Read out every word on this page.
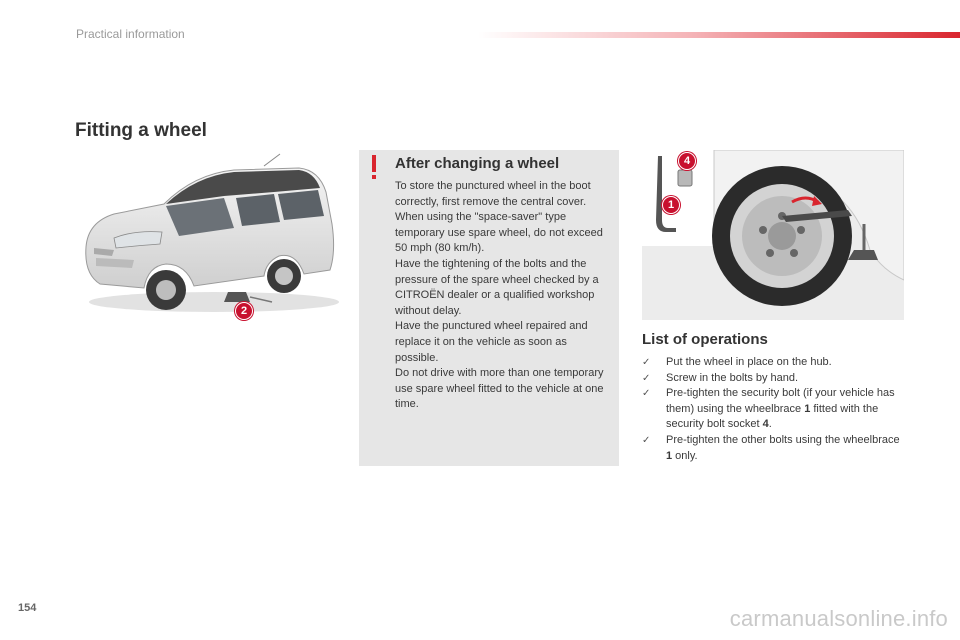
Practical information
Fitting a wheel
2
After changing a wheel

To store the punctured wheel in the boot correctly, first remove the central cover.

When using the "space-saver" type temporary use spare wheel, do not exceed 50 mph (80 km/h).

Have the tightening of the bolts and the pressure of the spare wheel checked by a CITROËN dealer or a qualified workshop without delay.

Have the punctured wheel repaired and replace it on the vehicle as soon as possible.

Do not drive with more than one temporary use spare wheel fitted to the vehicle at one time.

4
1
List of operations
✓	Put the wheel in place on the hub.
✓	Screw in the bolts by hand.
✓	Pre-tighten the security bolt (if your vehicle has them) using the wheelbrace 1 fitted with the security bolt socket 4.
✓	Pre-tighten the other bolts using the wheelbrace 1 only.
154	carmanualsonline.info
